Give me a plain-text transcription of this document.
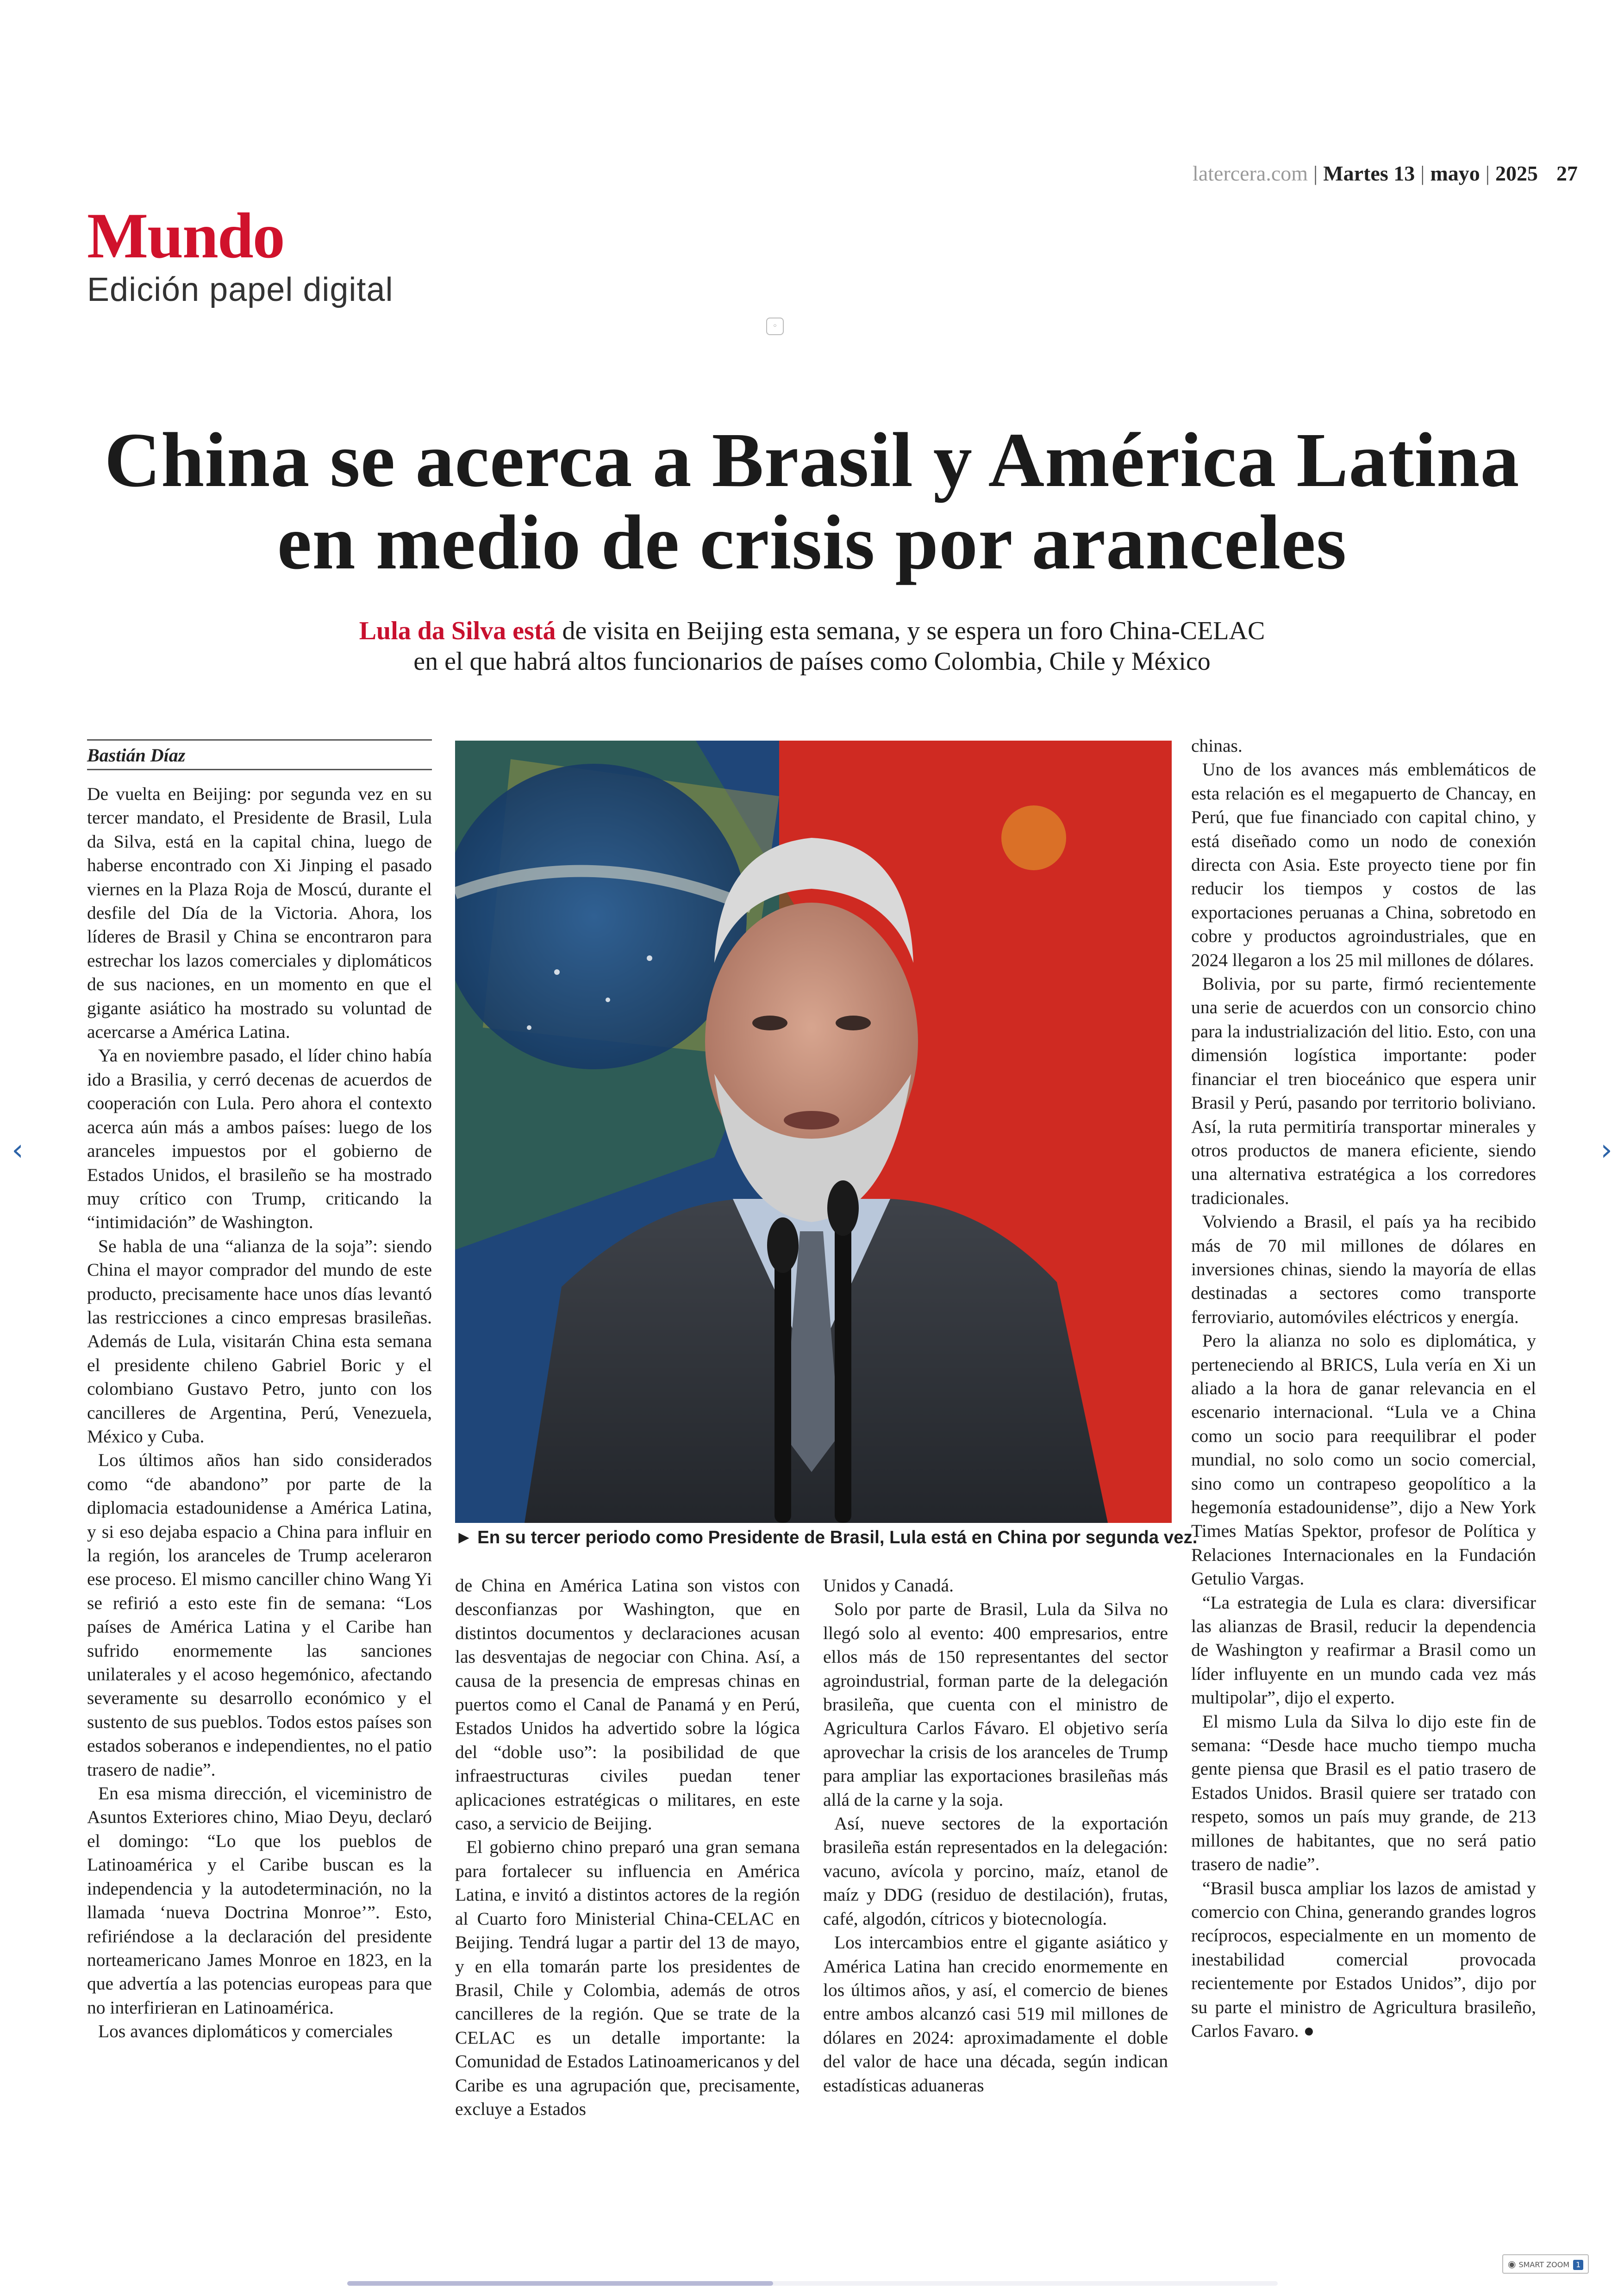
latercera.com | Martes 13 | mayo | 2025 27
Mundo
Edición papel digital
◦
China se acerca a Brasil y América Latina
en medio de crisis por aranceles
Lula da Silva está de visita en Beijing esta semana, y se espera un foro China-CELAC
en el que habrá altos funcionarios de países como Colombia, Chile y México
Bastián Díaz

De vuelta en Beijing: por segunda vez en su tercer mandato, el Presidente de Brasil, Lula da Silva, está en la capital china, luego de haberse encontrado con Xi Jinping el pasado viernes en la Plaza Roja de Moscú, durante el desfile del Día de la Victoria. Ahora, los líderes de Brasil y China se encontraron para estrechar los lazos comerciales y diplomáticos de sus naciones, en un momento en que el gigante asiático ha mostrado su voluntad de acercarse a América Latina.

Ya en noviembre pasado, el líder chino había ido a Brasilia, y cerró decenas de acuerdos de cooperación con Lula. Pero ahora el contexto acerca aún más a ambos países: luego de los aranceles impuestos por el gobierno de Estados Unidos, el brasileño se ha mostrado muy crítico con Trump, criticando la “intimidación” de Washington.

Se habla de una “alianza de la soja”: siendo China el mayor comprador del mundo de este producto, precisamente hace unos días levantó las restricciones a cinco empresas brasileñas. Además de Lula, visitarán China esta semana el presidente chileno Gabriel Boric y el colombiano Gustavo Petro, junto con los cancilleres de Argentina, Perú, Venezuela, México y Cuba.

Los últimos años han sido considerados como “de abandono” por parte de la diplomacia estadounidense a América Latina, y si eso dejaba espacio a China para influir en la región, los aranceles de Trump aceleraron ese proceso. El mismo canciller chino Wang Yi se refirió a esto este fin de semana: “Los países de América Latina y el Caribe han sufrido enormemente las sanciones unilaterales y el acoso hegemónico, afectando severamente su desarrollo económico y el sustento de sus pueblos. Todos estos países son estados soberanos e independientes, no el patio trasero de nadie”.

En esa misma dirección, el viceministro de Asuntos Exteriores chino, Miao Deyu, declaró el domingo: “Lo que los pueblos de Latinoamérica y el Caribe buscan es la independencia y la autodeterminación, no la llamada ‘nueva Doctrina Monroe’”. Esto, refiriéndose a la declaración del presidente norteamericano James Monroe en 1823, en la que advertía a las potencias europeas para que no interfirieran en Latinoamérica.

Los avances diplomáticos y comerciales

► En su tercer periodo como Presidente de Brasil, Lula está en China por segunda vez.

de China en América Latina son vistos con desconfianzas por Washington, que en distintos documentos y declaraciones acusan las desventajas de negociar con China. Así, a causa de la presencia de empresas chinas en puertos como el Canal de Panamá y en Perú, Estados Unidos ha advertido sobre la lógica del “doble uso”: la posibilidad de que infraestructuras civiles puedan tener aplicaciones estratégicas o militares, en este caso, a servicio de Beijing.

El gobierno chino preparó una gran semana para fortalecer su influencia en América Latina, e invitó a distintos actores de la región al Cuarto foro Ministerial China-CELAC en Beijing. Tendrá lugar a partir del 13 de mayo, y en ella tomarán parte los presidentes de Brasil, Chile y Colombia, además de otros cancilleres de la región. Que se trate de la CELAC es un detalle importante: la Comunidad de Estados Latinoamericanos y del Caribe es una agrupación que, precisamente, excluye a Estados

Unidos y Canadá.

Solo por parte de Brasil, Lula da Silva no llegó solo al evento: 400 empresarios, entre ellos más de 150 representantes del sector agroindustrial, forman parte de la delegación brasileña, que cuenta con el ministro de Agricultura Carlos Fávaro. El objetivo sería aprovechar la crisis de los aranceles de Trump para ampliar las exportaciones brasileñas más allá de la carne y la soja.

Así, nueve sectores de la exportación brasileña están representados en la delegación: vacuno, avícola y porcino, maíz, etanol de maíz y DDG (residuo de destilación), frutas, café, algodón, cítricos y biotecnología.

Los intercambios entre el gigante asiático y América Latina han crecido enormemente en los últimos años, y así, el comercio de bienes entre ambos alcanzó casi 519 mil millones de dólares en 2024: aproximadamente el doble del valor de hace una década, según indican estadísticas aduaneras

chinas.

Uno de los avances más emblemáticos de esta relación es el megapuerto de Chancay, en Perú, que fue financiado con capital chino, y está diseñado como un nodo de conexión directa con Asia. Este proyecto tiene por fin reducir los tiempos y costos de las exportaciones peruanas a China, sobretodo en cobre y productos agroindustriales, que en 2024 llegaron a los 25 mil millones de dólares.

Bolivia, por su parte, firmó recientemente una serie de acuerdos con un consorcio chino para la industrialización del litio. Esto, con una dimensión logística importante: poder financiar el tren bioceánico que espera unir Brasil y Perú, pasando por territorio boliviano. Así, la ruta permitiría transportar minerales y otros productos de manera eficiente, siendo una alternativa estratégica a los corredores tradicionales.

Volviendo a Brasil, el país ya ha recibido más de 70 mil millones de dólares en inversiones chinas, siendo la mayoría de ellas destinadas a sectores como transporte ferroviario, automóviles eléctricos y energía.

Pero la alianza no solo es diplomática, y perteneciendo al BRICS, Lula vería en Xi un aliado a la hora de ganar relevancia en el escenario internacional. “Lula ve a China como un socio para reequilibrar el poder mundial, no solo como un socio comercial, sino como un contrapeso geopolítico a la hegemonía estadounidense”, dijo a New York Times Matías Spektor, profesor de Política y Relaciones Internacionales en la Fundación Getulio Vargas.

“La estrategia de Lula es clara: diversificar las alianzas de Brasil, reducir la dependencia de Washington y reafirmar a Brasil como un líder influyente en un mundo cada vez más multipolar”, dijo el experto.

El mismo Lula da Silva lo dijo este fin de semana: “Desde hace mucho tiempo mucha gente piensa que Brasil es el patio trasero de Estados Unidos. Brasil quiere ser tratado con respeto, somos un país muy grande, de 213 millones de habitantes, que no será patio trasero de nadie”.

“Brasil busca ampliar los lazos de amistad y comercio con China, generando grandes logros recíprocos, especialmente en un momento de inestabilidad comercial provocada recientemente por Estados Unidos”, dijo por su parte el ministro de Agricultura brasileño, Carlos Favaro. ●

‹	›
◉ SMART ZOOM 1
